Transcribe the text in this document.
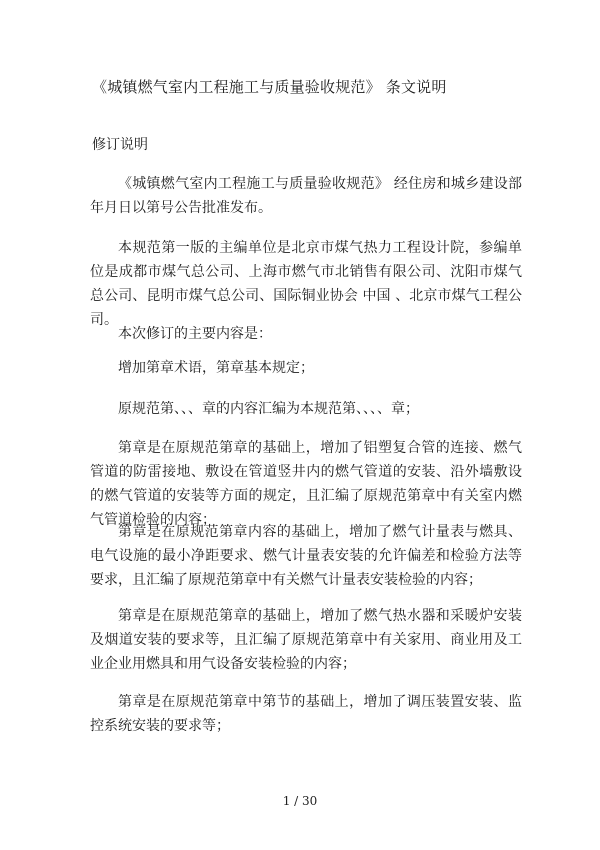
《城镇燃气室内工程施工与质量验收规范》 条文说明
修订说明
《城镇燃气室内工程施工与质量验收规范》 经住房和城乡建设部年月日以第号公告批准发布。
本规范第一版的主编单位是北京市煤气热力工程设计院，参编单位是成都市煤气总公司、上海市燃气市北销售有限公司、沈阳市煤气总公司、昆明市煤气总公司、国际铜业协会 中国 、北京市煤气工程公司。
本次修订的主要内容是：
增加第章术语，第章基本规定；
原规范第、、、章的内容汇编为本规范第、、、、章；
第章是在原规范第章的基础上，增加了铝塑复合管的连接、燃气管道的防雷接地、敷设在管道竖井内的燃气管道的安装、沿外墙敷设的燃气管道的安装等方面的规定，且汇编了原规范第章中有关室内燃气管道检验的内容；
第章是在原规范第章内容的基础上，增加了燃气计量表与燃具、电气设施的最小净距要求、燃气计量表安装的允许偏差和检验方法等要求，且汇编了原规范第章中有关燃气计量表安装检验的内容；
第章是在原规范第章的基础上，增加了燃气热水器和采暖炉安装及烟道安装的要求等，且汇编了原规范第章中有关家用、商业用及工业企业用燃具和用气设备安装检验的内容；
第章是在原规范第章中第节的基础上，增加了调压装置安装、监控系统安装的要求等；
1 / 30
